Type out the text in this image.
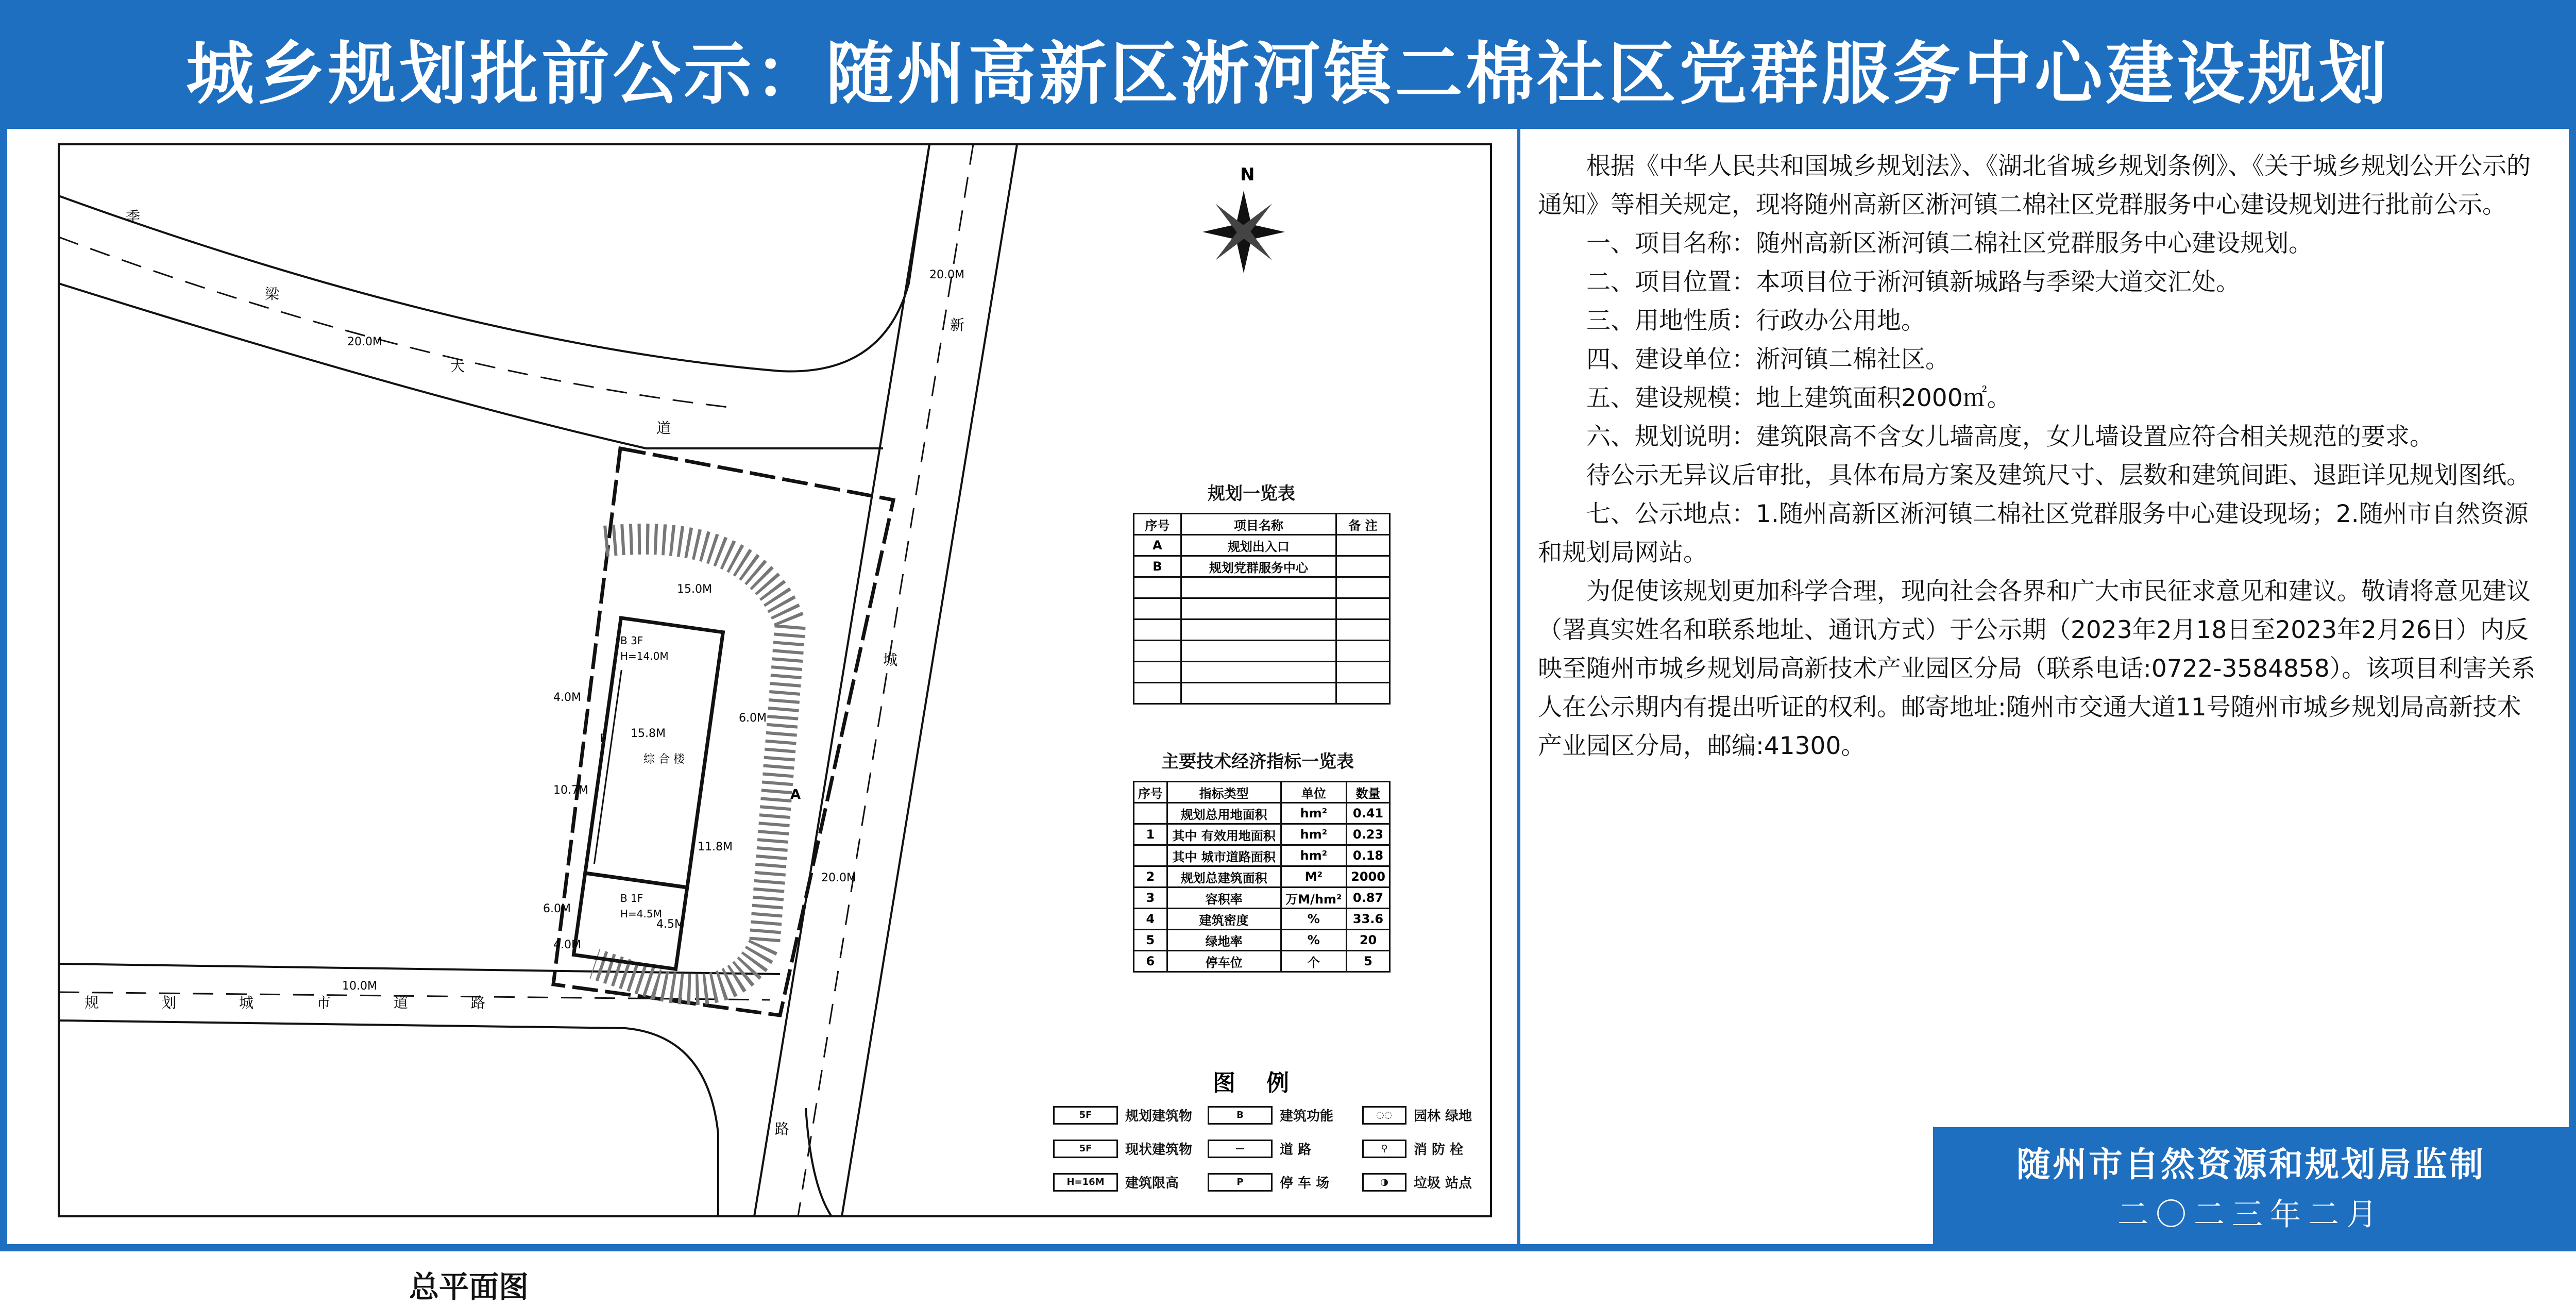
城乡规划批前公示：随州高新区淅河镇二棉社区党群服务中心建设规划
N
季
梁
大
道
新
城
路
规	划	城	市	道	路
20.0M
20.0M
20.0M
10.0M
15.0M
4.0M
15.8M
6.0M
10.7M
11.8M
6.0M
4.0M
4.5M
B 3F
H=14.0M
B 1F
H=4.5M
综 合 楼
P
A
总平面图
规划一览表
序号	项目名称	备 注
A	规划出入口	
B	规划党群服务中心	

主要技术经济指标一览表
序号	指标类型	单位	数量
	规划总用地面积	hm²	0.41
1	其中 有效用地面积	hm²	0.23
	其中 城市道路面积	hm²	0.18
2	规划总建筑面积	M²	2000
3	容积率	万M/hm²	0.87
4	建筑密度	%	33.6
5	绿地率	%	20
6	停车位	个	5
图例
5F	规划建筑物	B	建筑功能	◌◌	园林 绿地
5F	现状建筑物	—	道 路	⚲	消 防 栓
H=16M	建筑限高	P	停 车 场	◑	垃圾 站点

根据《中华人民共和国城乡规划法》、《湖北省城乡规划条例》、《关于城乡规划公开公示的通知》等相关规定，现将随州高新区淅河镇二棉社区党群服务中心建设规划进行批前公示。

一、项目名称：随州高新区淅河镇二棉社区党群服务中心建设规划。

二、项目位置：本项目位于淅河镇新城路与季梁大道交汇处。

三、用地性质：行政办公用地。

四、建设单位：淅河镇二棉社区。

五、建设规模：地上建筑面积2000㎡。

六、规划说明：建筑限高不含女儿墙高度，女儿墙设置应符合相关规范的要求。

待公示无异议后审批，具体布局方案及建筑尺寸、层数和建筑间距、退距详见规划图纸。

七、公示地点：1.随州高新区淅河镇二棉社区党群服务中心建设现场；2.随州市自然资源和规划局网站。

为促使该规划更加科学合理，现向社会各界和广大市民征求意见和建议。敬请将意见建议（署真实姓名和联系地址、通讯方式）于公示期（2023年2月18日至2023年2月26日）内反映至随州市城乡规划局高新技术产业园区分局（联系电话:0722-3584858）。该项目利害关系人在公示期内有提出听证的权利。邮寄地址:随州市交通大道11号随州市城乡规划局高新技术产业园区分局，邮编:41300。

随州市自然资源和规划局监制
二〇二三年二月
